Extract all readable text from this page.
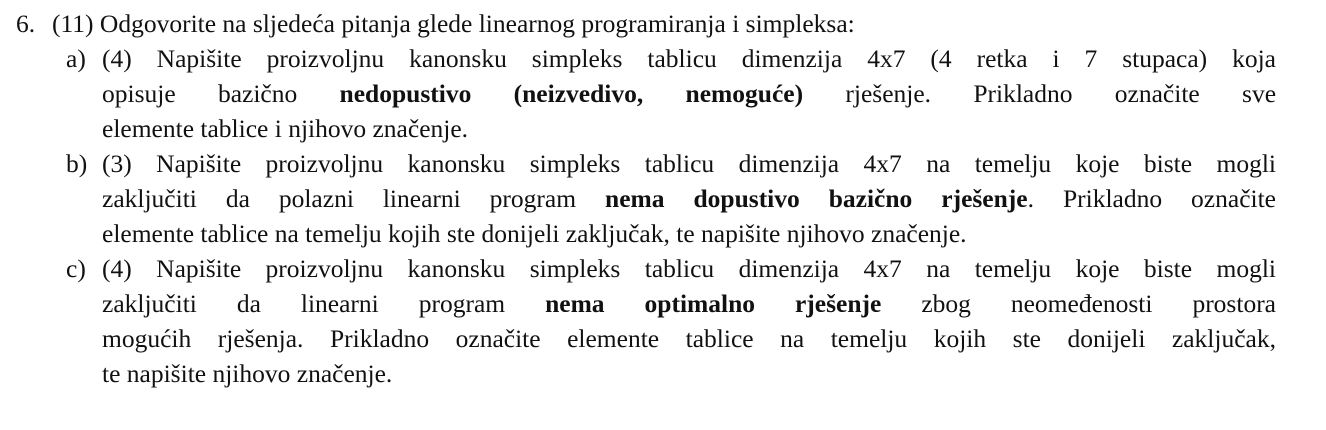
6. (11) Odgovorite na sljedeća pitanja glede linearnog programiranja i simpleksa:
a) (4) Napišite proizvoljnu kanonsku simpleks tablicu dimenzija 4x7 (4 retka i 7 stupaca) koja
opisuje bazično nedopustivo (neizvedivo, nemoguće) rješenje. Prikladno označite sve
elemente tablice i njihovo značenje.
b) (3) Napišite proizvoljnu kanonsku simpleks tablicu dimenzija 4x7 na temelju koje biste mogli
zaključiti da polazni linearni program nema dopustivo bazično rješenje. Prikladno označite
elemente tablice na temelju kojih ste donijeli zaključak, te napišite njihovo značenje.
c) (4) Napišite proizvoljnu kanonsku simpleks tablicu dimenzija 4x7 na temelju koje biste mogli
zaključiti da linearni program nema optimalno rješenje zbog neomeđenosti prostora
mogućih rješenja. Prikladno označite elemente tablice na temelju kojih ste donijeli zaključak,
te napišite njihovo značenje.
